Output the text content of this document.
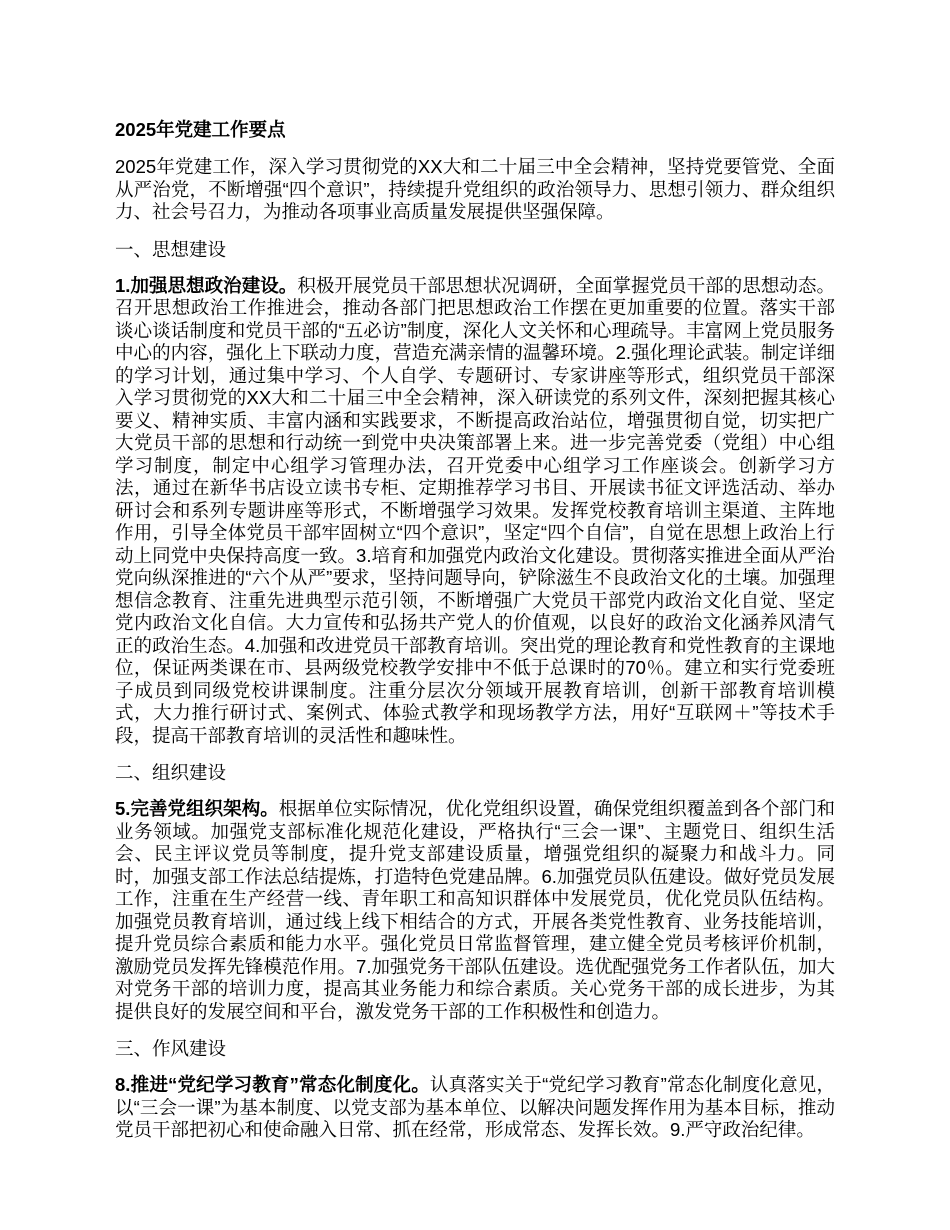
2025年党建工作要点

2025年党建工作，深入学习贯彻党的XX大和二十届三中全会精神，坚持党要管党、全面从严治党，不断增强“四个意识”，持续提升党组织的政治领导力、思想引领力、群众组织力、社会号召力，为推动各项事业高质量发展提供坚强保障。

一、思想建设

1.加强思想政治建设。积极开展党员干部思想状况调研，全面掌握党员干部的思想动态。召开思想政治工作推进会，推动各部门把思想政治工作摆在更加重要的位置。落实干部谈心谈话制度和党员干部的“五必访”制度，深化人文关怀和心理疏导。丰富网上党员服务中心的内容，强化上下联动力度，营造充满亲情的温馨环境。2.强化理论武装。制定详细的学习计划，通过集中学习、个人自学、专题研讨、专家讲座等形式，组织党员干部深入学习贯彻党的XX大和二十届三中全会精神，深入研读党的系列文件，深刻把握其核心要义、精神实质、丰富内涵和实践要求，不断提高政治站位，增强贯彻自觉，切实把广大党员干部的思想和行动统一到党中央决策部署上来。进一步完善党委（党组）中心组学习制度，制定中心组学习管理办法，召开党委中心组学习工作座谈会。创新学习方法，通过在新华书店设立读书专柜、定期推荐学习书目、开展读书征文评选活动、举办研讨会和系列专题讲座等形式，不断增强学习效果。发挥党校教育培训主渠道、主阵地作用，引导全体党员干部牢固树立“四个意识”，坚定“四个自信”，自觉在思想上政治上行动上同党中央保持高度一致。3.培育和加强党内政治文化建设。贯彻落实推进全面从严治党向纵深推进的“六个从严”要求，坚持问题导向，铲除滋生不良政治文化的土壤。加强理想信念教育、注重先进典型示范引领，不断增强广大党员干部党内政治文化自觉、坚定党内政治文化自信。大力宣传和弘扬共产党人的价值观，以良好的政治文化涵养风清气正的政治生态。4.加强和改进党员干部教育培训。突出党的理论教育和党性教育的主课地位，保证两类课在市、县两级党校教学安排中不低于总课时的70％。建立和实行党委班子成员到同级党校讲课制度。注重分层次分领域开展教育培训，创新干部教育培训模式，大力推行研讨式、案例式、体验式教学和现场教学方法，用好“互联网＋”等技术手段，提高干部教育培训的灵活性和趣味性。

二、组织建设

5.完善党组织架构。根据单位实际情况，优化党组织设置，确保党组织覆盖到各个部门和业务领域。加强党支部标准化规范化建设，严格执行“三会一课”、主题党日、组织生活会、民主评议党员等制度，提升党支部建设质量，增强党组织的凝聚力和战斗力。同时，加强支部工作法总结提炼，打造特色党建品牌。6.加强党员队伍建设。做好党员发展工作，注重在生产经营一线、青年职工和高知识群体中发展党员，优化党员队伍结构。加强党员教育培训，通过线上线下相结合的方式，开展各类党性教育、业务技能培训，提升党员综合素质和能力水平。强化党员日常监督管理，建立健全党员考核评价机制，激励党员发挥先锋模范作用。7.加强党务干部队伍建设。选优配强党务工作者队伍，加大对党务干部的培训力度，提高其业务能力和综合素质。关心党务干部的成长进步，为其提供良好的发展空间和平台，激发党务干部的工作积极性和创造力。

三、作风建设

8.推进“党纪学习教育”常态化制度化。认真落实关于“党纪学习教育”常态化制度化意见，以“三会一课”为基本制度、以党支部为基本单位、以解决问题发挥作用为基本目标，推动党员干部把初心和使命融入日常、抓在经常，形成常态、发挥长效。9.严守政治纪律。
